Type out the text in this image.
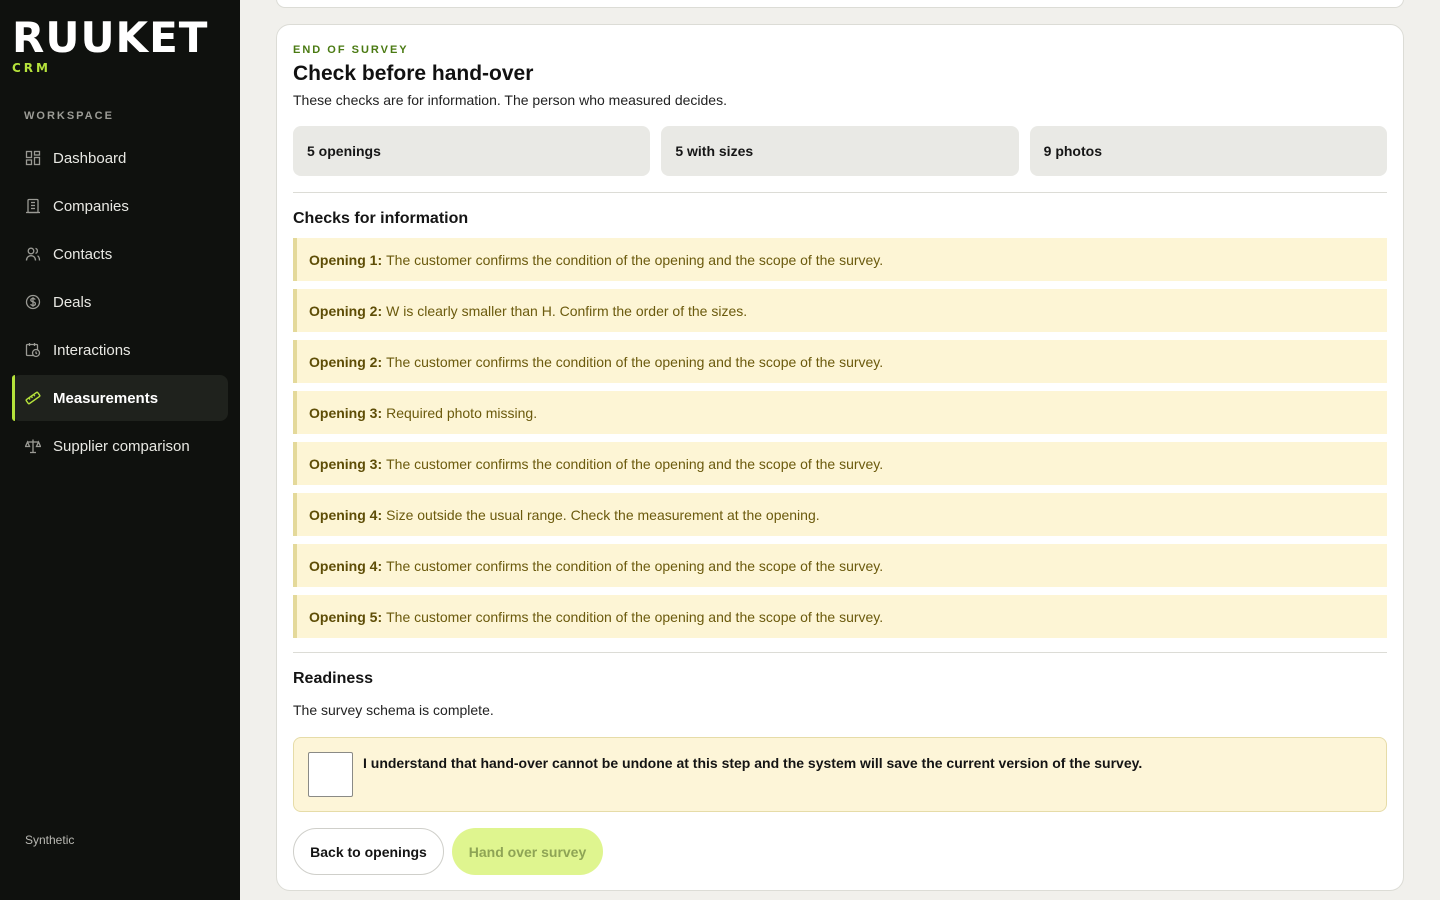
RUUKET
CRM
WORKSPACE
Dashboard
Companies
Contacts
Deals
Interactions
Measurements
Supplier comparison
Synthetic
END OF SURVEY
Check before hand-over

These checks are for information. The person who measured decides.

5 openings	5 with sizes	9 photos
Checks for information
Opening 1: The customer confirms the condition of the opening and the scope of the survey.
Opening 2: W is clearly smaller than H. Confirm the order of the sizes.
Opening 2: The customer confirms the condition of the opening and the scope of the survey.
Opening 3: Required photo missing.
Opening 3: The customer confirms the condition of the opening and the scope of the survey.
Opening 4: Size outside the usual range. Check the measurement at the opening.
Opening 4: The customer confirms the condition of the opening and the scope of the survey.
Opening 5: The customer confirms the condition of the opening and the scope of the survey.
Readiness

The survey schema is complete.

I understand that hand-over cannot be undone at this step and the system will save the current version of the survey.
Back to openings	Hand over survey
